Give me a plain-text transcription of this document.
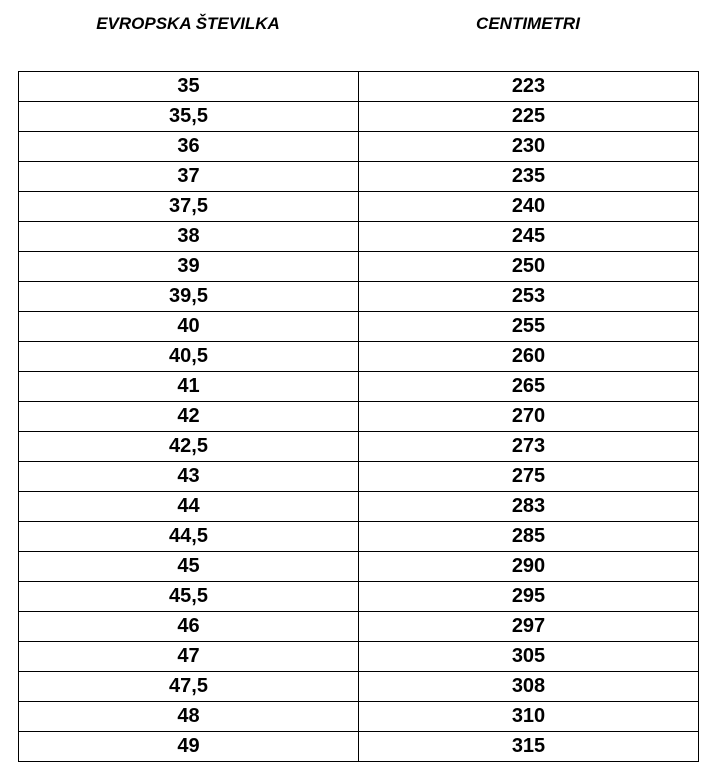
EVROPSKA ŠTEVILKA	CENTIMETRI
35	223
35,5	225
36	230
37	235
37,5	240
38	245
39	250
39,5	253
40	255
40,5	260
41	265
42	270
42,5	273
43	275
44	283
44,5	285
45	290
45,5	295
46	297
47	305
47,5	308
48	310
49	315
